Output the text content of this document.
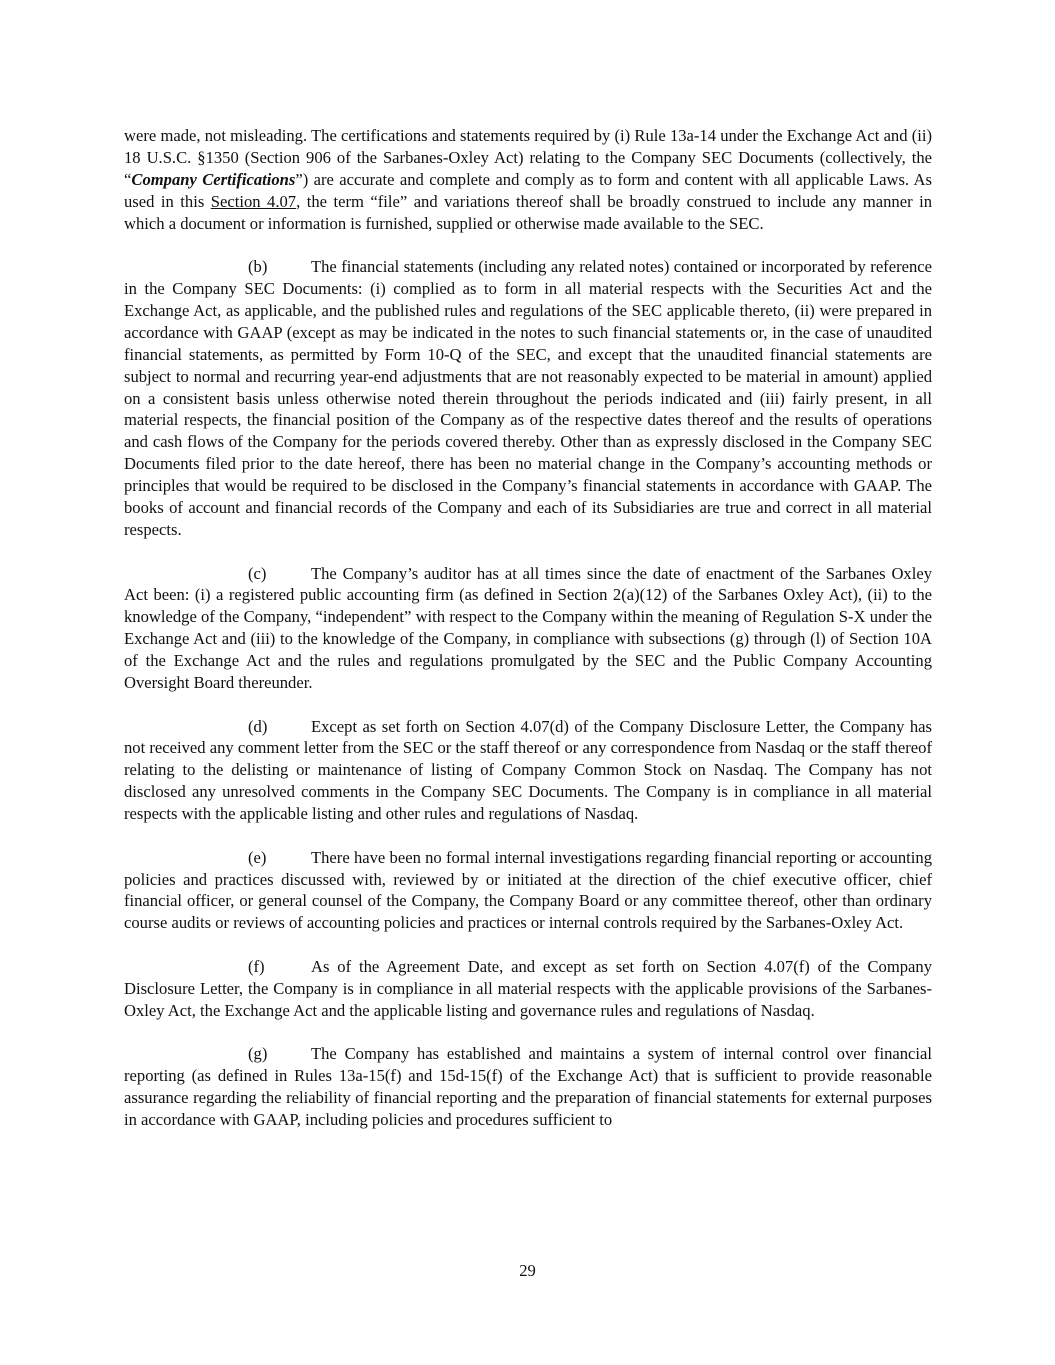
were made, not misleading. The certifications and statements required by (i) Rule 13a-14 under the Exchange Act and (ii) 18 U.S.C. §1350 (Section 906 of the Sarbanes-Oxley Act) relating to the Company SEC Documents (collectively, the “Company Certifications”) are accurate and complete and comply as to form and content with all applicable Laws. As used in this Section 4.07, the term “file” and variations thereof shall be broadly construed to include any manner in which a document or information is furnished, supplied or otherwise made available to the SEC.

(b)	The financial statements (including any related notes) contained or incorporated by reference in the Company SEC Documents: (i) complied as to form in all material respects with the Securities Act and the Exchange Act, as applicable, and the published rules and regulations of the SEC applicable thereto, (ii) were prepared in accordance with GAAP (except as may be indicated in the notes to such financial statements or, in the case of unaudited financial statements, as permitted by Form 10-Q of the SEC, and except that the unaudited financial statements are subject to normal and recurring year-end adjustments that are not reasonably expected to be material in amount) applied on a consistent basis unless otherwise noted therein throughout the periods indicated and (iii) fairly present, in all material respects, the financial position of the Company as of the respective dates thereof and the results of operations and cash flows of the Company for the periods covered thereby. Other than as expressly disclosed in the Company SEC Documents filed prior to the date hereof, there has been no material change in the Company’s accounting methods or principles that would be required to be disclosed in the Company’s financial statements in accordance with GAAP. The books of account and financial records of the Company and each of its Subsidiaries are true and correct in all material respects.

(c)	The Company’s auditor has at all times since the date of enactment of the Sarbanes Oxley Act been: (i) a registered public accounting firm (as defined in Section 2(a)(12) of the Sarbanes Oxley Act), (ii) to the knowledge of the Company, “independent” with respect to the Company within the meaning of Regulation S-X under the Exchange Act and (iii) to the knowledge of the Company, in compliance with subsections (g) through (l) of Section 10A of the Exchange Act and the rules and regulations promulgated by the SEC and the Public Company Accounting Oversight Board thereunder.

(d)	Except as set forth on Section 4.07(d) of the Company Disclosure Letter, the Company has not received any comment letter from the SEC or the staff thereof or any correspondence from Nasdaq or the staff thereof relating to the delisting or maintenance of listing of Company Common Stock on Nasdaq. The Company has not disclosed any unresolved comments in the Company SEC Documents. The Company is in compliance in all material respects with the applicable listing and other rules and regulations of Nasdaq.

(e)	There have been no formal internal investigations regarding financial reporting or accounting policies and practices discussed with, reviewed by or initiated at the direction of the chief executive officer, chief financial officer, or general counsel of the Company, the Company Board or any committee thereof, other than ordinary course audits or reviews of accounting policies and practices or internal controls required by the Sarbanes-Oxley Act.

(f)	As of the Agreement Date, and except as set forth on Section 4.07(f) of the Company Disclosure Letter, the Company is in compliance in all material respects with the applicable provisions of the Sarbanes-Oxley Act, the Exchange Act and the applicable listing and governance rules and regulations of Nasdaq.

(g)	The Company has established and maintains a system of internal control over financial reporting (as defined in Rules 13a-15(f) and 15d-15(f) of the Exchange Act) that is sufficient to provide reasonable assurance regarding the reliability of financial reporting and the preparation of financial statements for external purposes in accordance with GAAP, including policies and procedures sufficient to

29
